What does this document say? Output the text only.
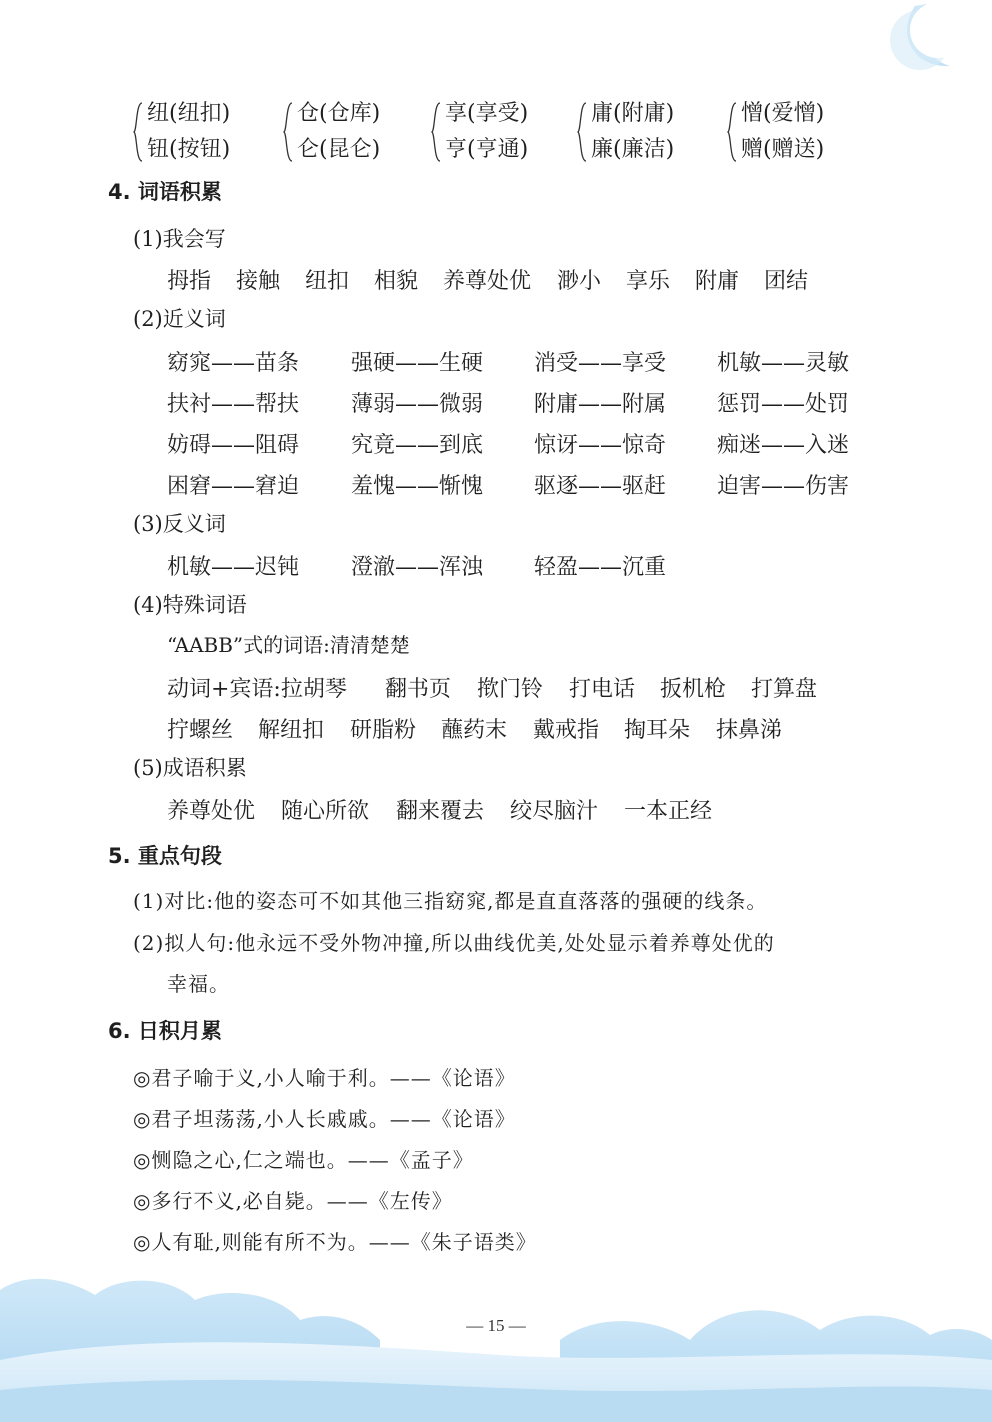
纽(纽扣)
钮(按钮)
仓(仓库)
仑(昆仑)
享(享受)
亨(亨通)
庸(附庸)
廉(廉洁)
憎(爱憎)
赠(赠送)
4. 词语积累
(1)我会写
拇指 接触 纽扣 相貌 养尊处优 渺小 享乐 附庸 团结
(2)近义词
窈窕——苗条 强硬——生硬 消受——享受 机敏——灵敏
扶衬——帮扶 薄弱——微弱 附庸——附属 惩罚——处罚
妨碍——阻碍 究竟——到底 惊讶——惊奇 痴迷——入迷
困窘——窘迫 羞愧——惭愧 驱逐——驱赶 迫害——伤害
(3)反义词
机敏——迟钝 澄澈——浑浊 轻盈——沉重
(4)特殊词语
“AABB”式的词语:清清楚楚
动词+宾语:拉胡琴 翻书页 揿门铃 打电话 扳机枪 打算盘
拧螺丝 解纽扣 研脂粉 蘸药末 戴戒指 掏耳朵 抹鼻涕
(5)成语积累
养尊处优 随心所欲 翻来覆去 绞尽脑汁 一本正经
5. 重点句段
(1)对比:他的姿态可不如其他三指窈窕,都是直直落落的强硬的线条。
(2)拟人句:他永远不受外物冲撞,所以曲线优美,处处显示着养尊处优的
幸福。
6. 日积月累
◎君子喻于义,小人喻于利。——《论语》
◎君子坦荡荡,小人长戚戚。——《论语》
◎恻隐之心,仁之端也。——《孟子》
◎多行不义,必自毙。——《左传》
◎人有耻,则能有所不为。——《朱子语类》
— 15 —
